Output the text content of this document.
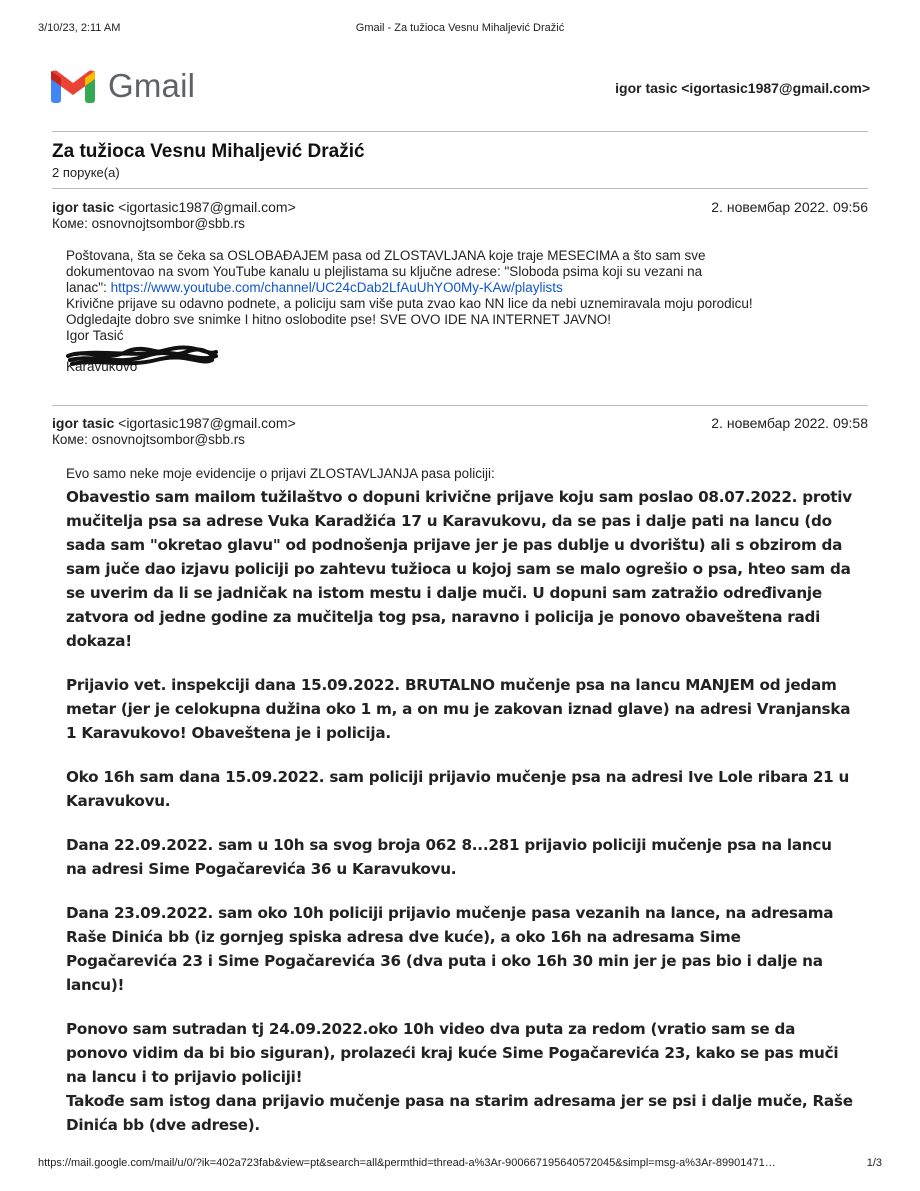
3/10/23, 2:11 AM	Gmail - Za tužioca Vesnu Mihaljević Dražić
Gmail	igor tasic <igortasic1987@gmail.com>
Za tužioca Vesnu Mihaljević Dražić
2 поруке(а)
igor tasic <igortasic1987@gmail.com>	2. новембар 2022. 09:56
Коме: osnovnojtsombor@sbb.rs

Poštovana, šta se čeka sa OSLOBAĐAJEM pasa od ZLOSTAVLJANA koje traje MESECIMA a što sam sve

dokumentovao na svom YouTube kanalu u plejlistama su ključne adrese: "Sloboda psima koji su vezani na

lanac": https://www.youtube.com/channel/UC24cDab2LfAuUhYO0My-KAw/playlists

Krivične prijave su odavno podnete, a policiju sam više puta zvao kao NN lice da nebi uznemiravala moju porodicu!

Odgledajte dobro sve snimke I hitno oslobodite pse! SVE OVO IDE NA INTERNET JAVNO!

Igor Tasić

Karavukovo

igor tasic <igortasic1987@gmail.com>	2. новембар 2022. 09:58
Коме: osnovnojtsombor@sbb.rs

Evo samo neke moje evidencije o prijavi ZLOSTAVLJANJA pasa policiji:

Obavestio sam mailom tužilaštvo o dopuni krivične prijave koju sam poslao 08.07.2022. protiv mučitelja psa sa adrese Vuka Karadžića 17 u Karavukovu, da se pas i dalje pati na lancu (do sada sam "okretao glavu" od podnošenja prijave jer je pas dublje u dvorištu) ali s obzirom da sam juče dao izjavu policiji po zahtevu tužioca u kojoj sam se malo ogrešio o psa, hteo sam da se uverim da li se jadničak na istom mestu i dalje muči. U dopuni sam zatražio određivanje zatvora od jedne godine za mučitelja tog psa, naravno i policija je ponovo obaveštena radi dokaza!

Prijavio vet. inspekciji dana 15.09.2022. BRUTALNO mučenje psa na lancu MANJEM od jedam metar (jer je celokupna dužina oko 1 m, a on mu je zakovan iznad glave) na adresi Vranjanska 1 Karavukovo! Obaveštena je i policija.

Oko 16h sam dana 15.09.2022. sam policiji prijavio mučenje psa na adresi Ive Lole ribara 21 u Karavukovu.

Dana 22.09.2022. sam u 10h sa svog broja 062 8...281 prijavio policiji mučenje psa na lancu na adresi Sime Pogačarevića 36 u Karavukovu.

Dana 23.09.2022. sam oko 10h policiji prijavio mučenje pasa vezanih na lance, na adresama Raše Dinića bb (iz gornjeg spiska adresa dve kuće), a oko 16h na adresama Sime Pogačarevića 23 i Sime Pogačarevića 36 (dva puta i oko 16h 30 min jer je pas bio i dalje na lancu)!

Ponovo sam sutradan tj 24.09.2022.oko 10h video dva puta za redom (vratio sam se da ponovo vidim da bi bio siguran), prolazeći kraj kuće Sime Pogačarevića 23, kako se pas muči na lancu i to prijavio policiji!

Takođe sam istog dana prijavio mučenje pasa na starim adresama jer se psi i dalje muče, Raše Dinića bb (dve adrese).

https://mail.google.com/mail/u/0/?ik=402a723fab&view=pt&search=all&permthid=thread-a%3Ar-900667195640572045&simpl=msg-a%3Ar-89901471…	1/3
